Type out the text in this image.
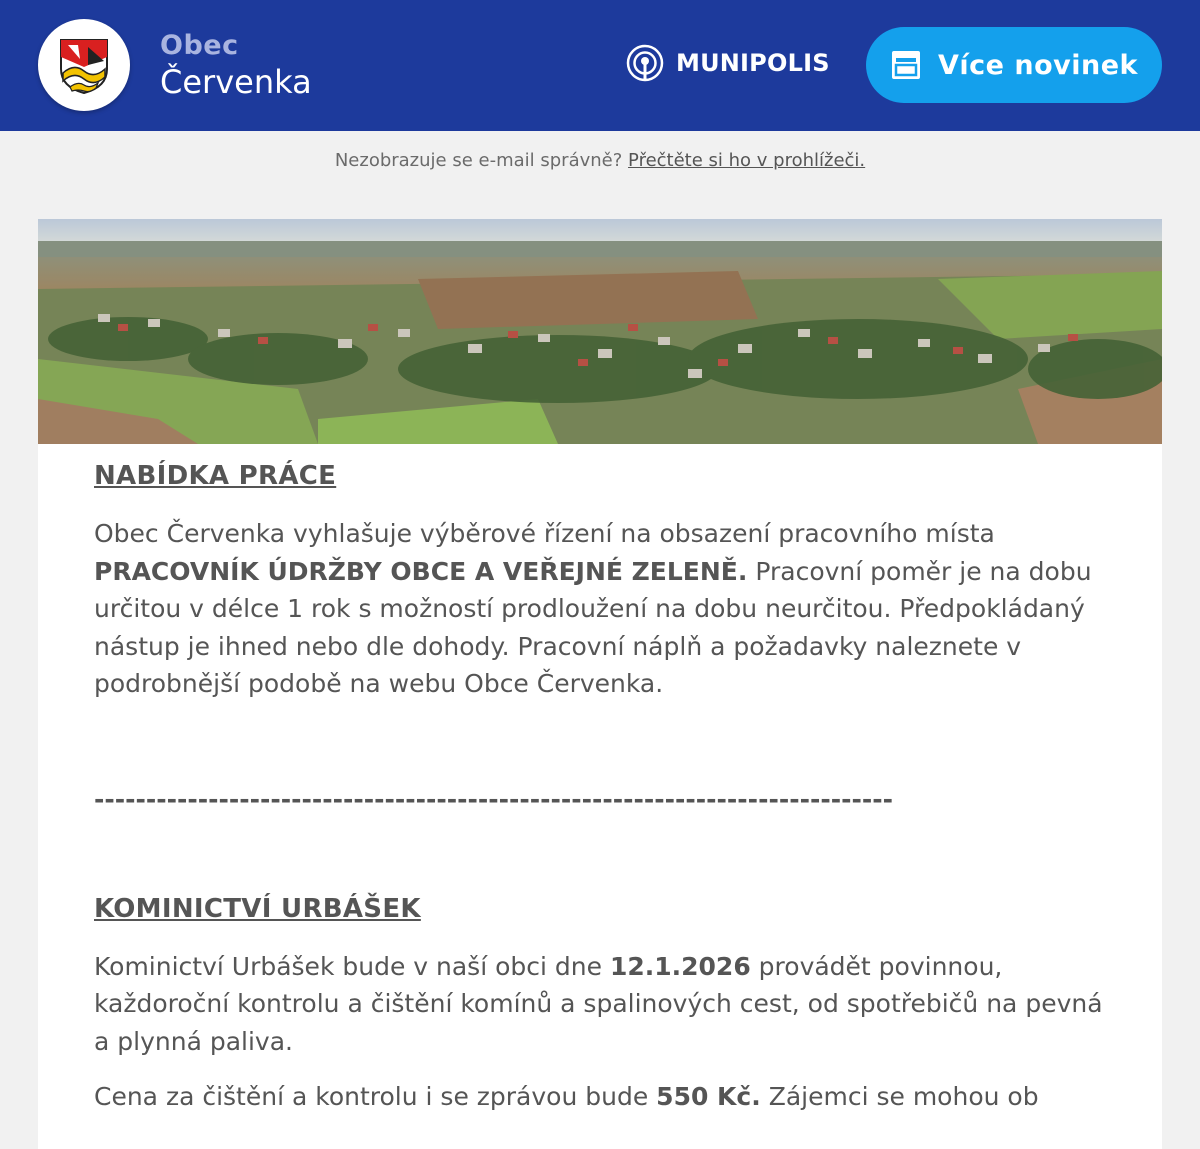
Obec
Červenka	MUNIPOLIS	Více novinek
Nezobrazuje se e-mail správně? Přečtěte si ho v prohlížeči.
NABÍDKA PRÁCE

Obec Červenka vyhlašuje výběrové řízení na obsazení pracovního místa PRACOVNÍK ÚDRŽBY OBCE A VEŘEJNÉ ZELENĚ. Pracovní poměr je na dobu určitou v délce 1 rok s možností prodloužení na dobu neurčitou. Předpokládaný nástup je ihned nebo dle dohody. Pracovní náplň a požadavky naleznete v podrobnější podobě na webu Obce Červenka.

-----------------------------------------------------------------------------
KOMINICTVÍ URBÁŠEK

Kominictví Urbášek bude v naší obci dne 12.1.2026 provádět povinnou, každoroční kontrolu a čištění komínů a spalinových cest, od spotřebičů na pevná a plynná paliva.

Cena za čištění a kontrolu i se zprávou bude 550 Kč. Zájemci se mohou ob
